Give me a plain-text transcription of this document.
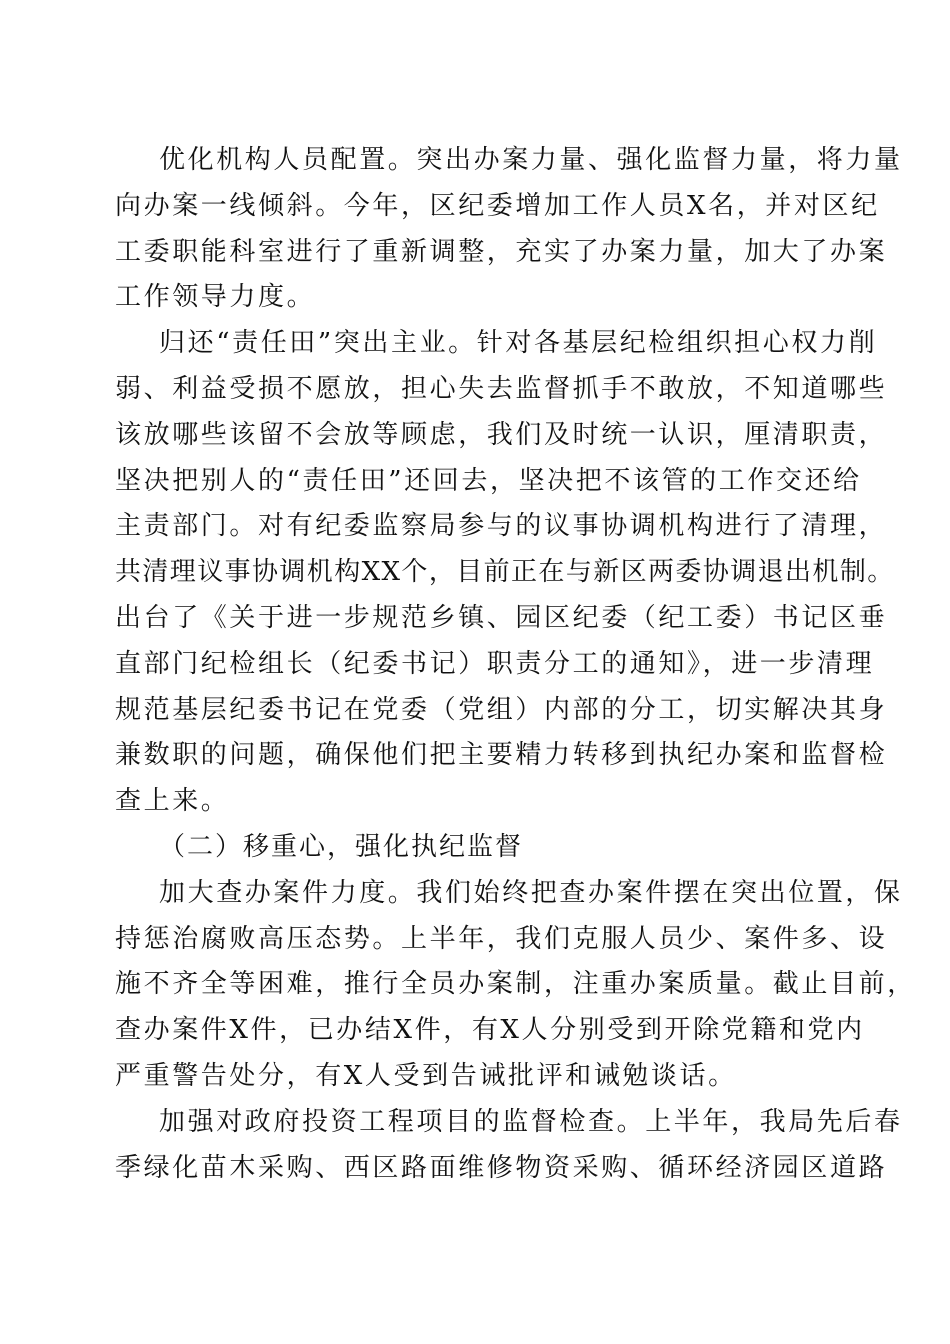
优化机构人员配置。突出办案力量、强化监督力量，将力量
向办案一线倾斜。今年，区纪委增加工作人员X名，并对区纪
工委职能科室进行了重新调整，充实了办案力量，加大了办案
工作领导力度。
归还“责任田”突出主业。针对各基层纪检组织担心权力削
弱、利益受损不愿放，担心失去监督抓手不敢放，不知道哪些
该放哪些该留不会放等顾虑，我们及时统一认识，厘清职责，
坚决把别人的“责任田”还回去，坚决把不该管的工作交还给
主责部门。对有纪委监察局参与的议事协调机构进行了清理，
共清理议事协调机构XX个，目前正在与新区两委协调退出机制。
出台了《关于进一步规范乡镇、园区纪委（纪工委）书记区垂
直部门纪检组长（纪委书记）职责分工的通知》，进一步清理
规范基层纪委书记在党委（党组）内部的分工，切实解决其身
兼数职的问题，确保他们把主要精力转移到执纪办案和监督检
查上来。
（二）移重心，强化执纪监督
加大查办案件力度。我们始终把查办案件摆在突出位置，保
持惩治腐败高压态势。上半年，我们克服人员少、案件多、设
施不齐全等困难，推行全员办案制，注重办案质量。截止目前，
查办案件X件，已办结X件，有X人分别受到开除党籍和党内
严重警告处分，有X人受到告诫批评和诫勉谈话。
加强对政府投资工程项目的监督检查。上半年，我局先后春
季绿化苗木采购、西区路面维修物资采购、循环经济园区道路
